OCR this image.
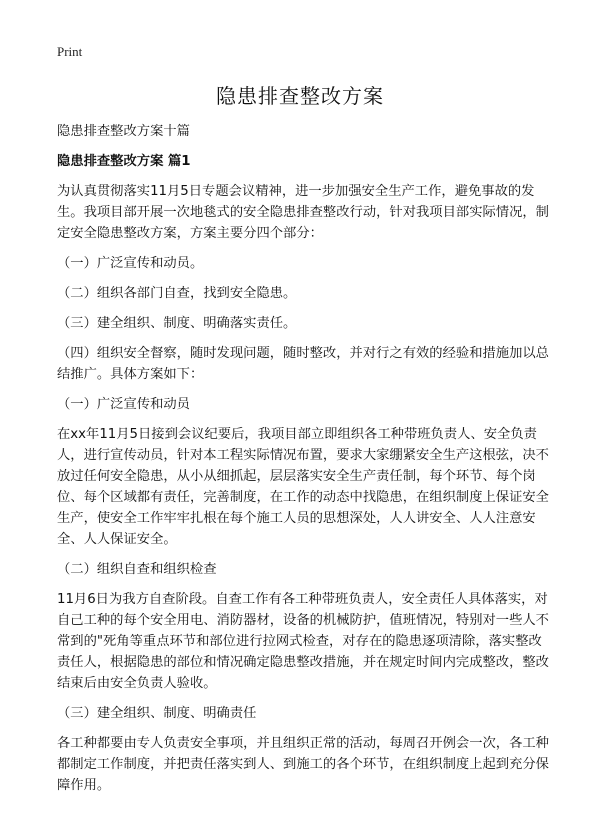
Print
隐患排查整改方案
隐患排查整改方案十篇
隐患排查整改方案 篇1

为认真贯彻落实11月5日专题会议精神，进一步加强安全生产工作，避免事故的发生。我项目部开展一次地毯式的安全隐患排查整改行动，针对我项目部实际情况，制定安全隐患整改方案，方案主要分四个部分：

（一）广泛宣传和动员。

（二）组织各部门自查，找到安全隐患。

（三）建全组织、制度、明确落实责任。

（四）组织安全督察，随时发现问题，随时整改，并对行之有效的经验和措施加以总结推广。具体方案如下：

（一）广泛宣传和动员

在xx年11月5日接到会议纪要后，我项目部立即组织各工种带班负责人、安全负责人，进行宣传动员，针对本工程实际情况布置，要求大家绷紧安全生产这根弦，决不放过任何安全隐患，从小从细抓起，层层落实安全生产责任制，每个环节、每个岗位、每个区域都有责任，完善制度，在工作的动态中找隐患，在组织制度上保证安全生产，使安全工作牢牢扎根在每个施工人员的思想深处，人人讲安全、人人注意安全、人人保证安全。

（二）组织自查和组织检查

11月6日为我方自查阶段。自查工作有各工种带班负责人，安全责任人具体落实，对自己工种的每个安全用电、消防器材，设备的机械防护，值班情况，特别对一些人不常到的"死角等重点环节和部位进行拉网式检查，对存在的隐患逐项清除，落实整改责任人，根据隐患的部位和情况确定隐患整改措施，并在规定时间内完成整改，整改结束后由安全负责人验收。

（三）建全组织、制度、明确责任

各工种都要由专人负责安全事项，并且组织正常的活动，每周召开例会一次，各工种都制定工作制度，并把责任落实到人、到施工的各个环节，在组织制度上起到充分保障作用。
